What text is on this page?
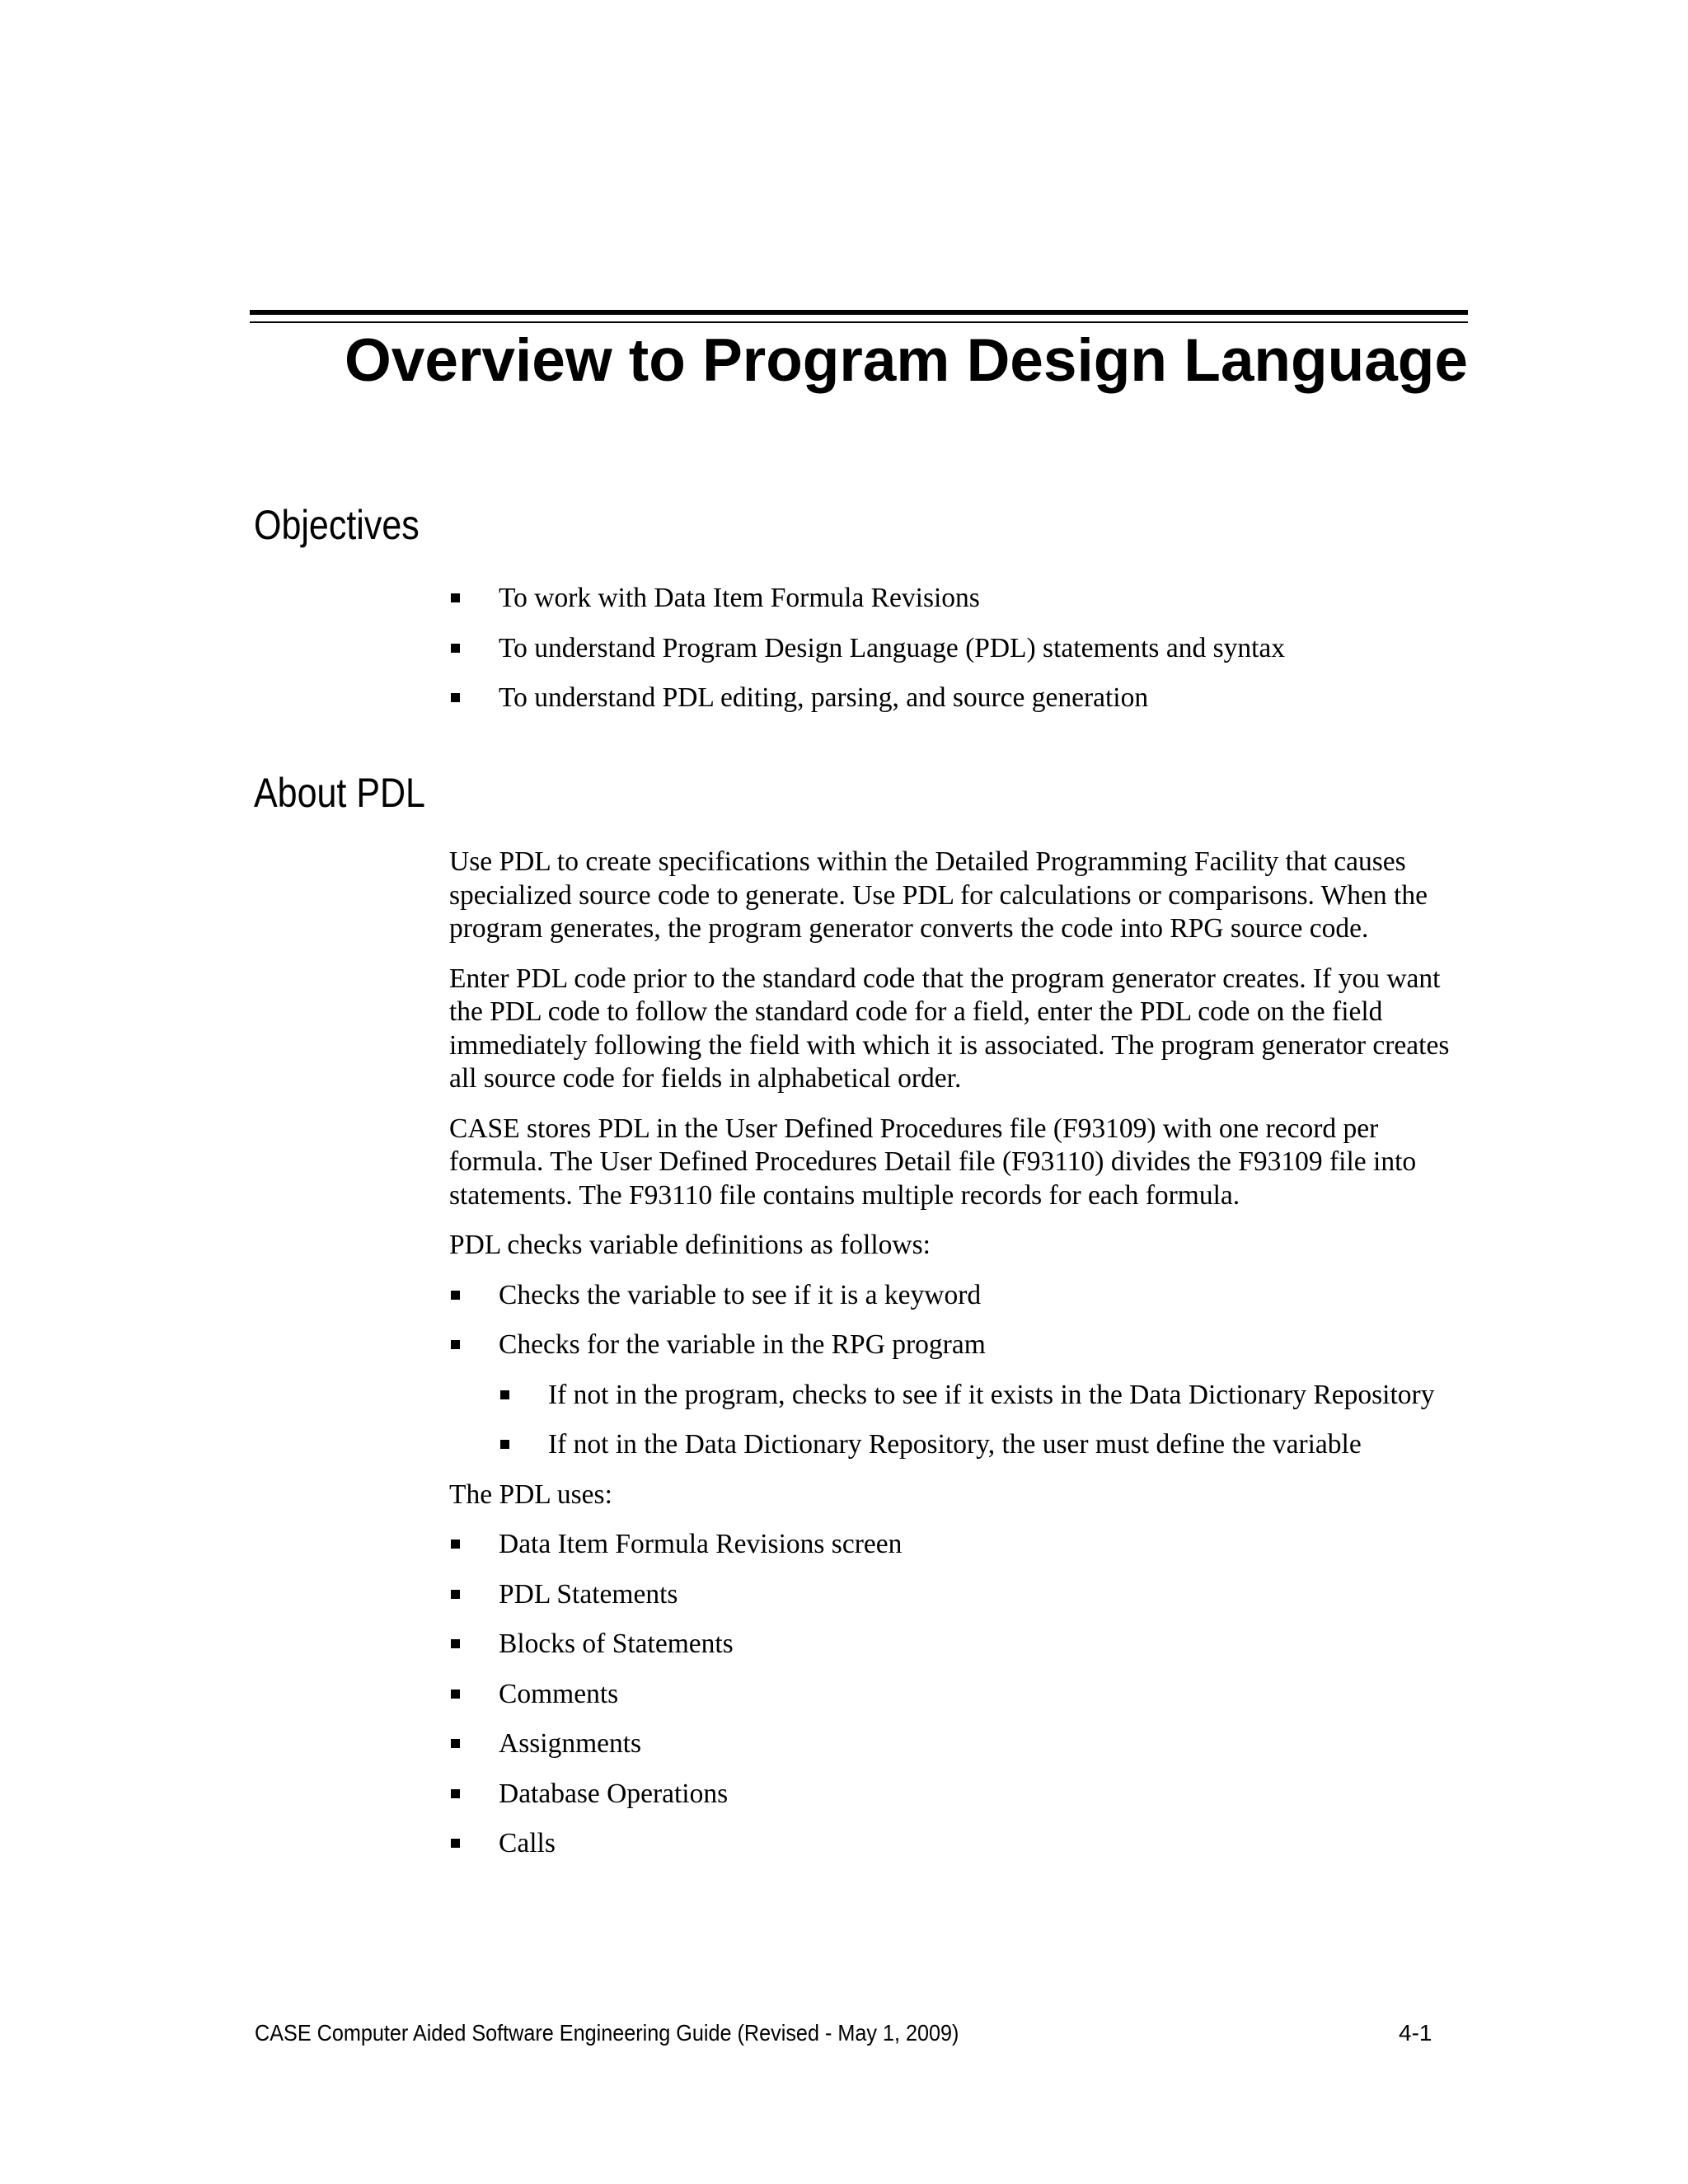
Overview to Program Design Language
Objectives
To work with Data Item Formula Revisions
To understand Program Design Language (PDL) statements and syntax
To understand PDL editing, parsing, and source generation
About PDL

Use PDL to create specifications within the Detailed Programming Facility that causes specialized source code to generate. Use PDL for calculations or comparisons. When the program generates, the program generator converts the code into RPG source code.

Enter PDL code prior to the standard code that the program generator creates. If you want the PDL code to follow the standard code for a field, enter the PDL code on the field immediately following the field with which it is associated. The program generator creates all source code for fields in alphabetical order.

CASE stores PDL in the User Defined Procedures file (F93109) with one record per formula. The User Defined Procedures Detail file (F93110) divides the F93109 file into statements. The F93110 file contains multiple records for each formula.

PDL checks variable definitions as follows:

Checks the variable to see if it is a keyword
Checks for the variable in the RPG program
If not in the program, checks to see if it exists in the Data Dictionary Repository
If not in the Data Dictionary Repository, the user must define the variable

The PDL uses:

Data Item Formula Revisions screen
PDL Statements
Blocks of Statements
Comments
Assignments
Database Operations
Calls
CASE Computer Aided Software Engineering Guide (Revised - May 1, 2009)	4-1
